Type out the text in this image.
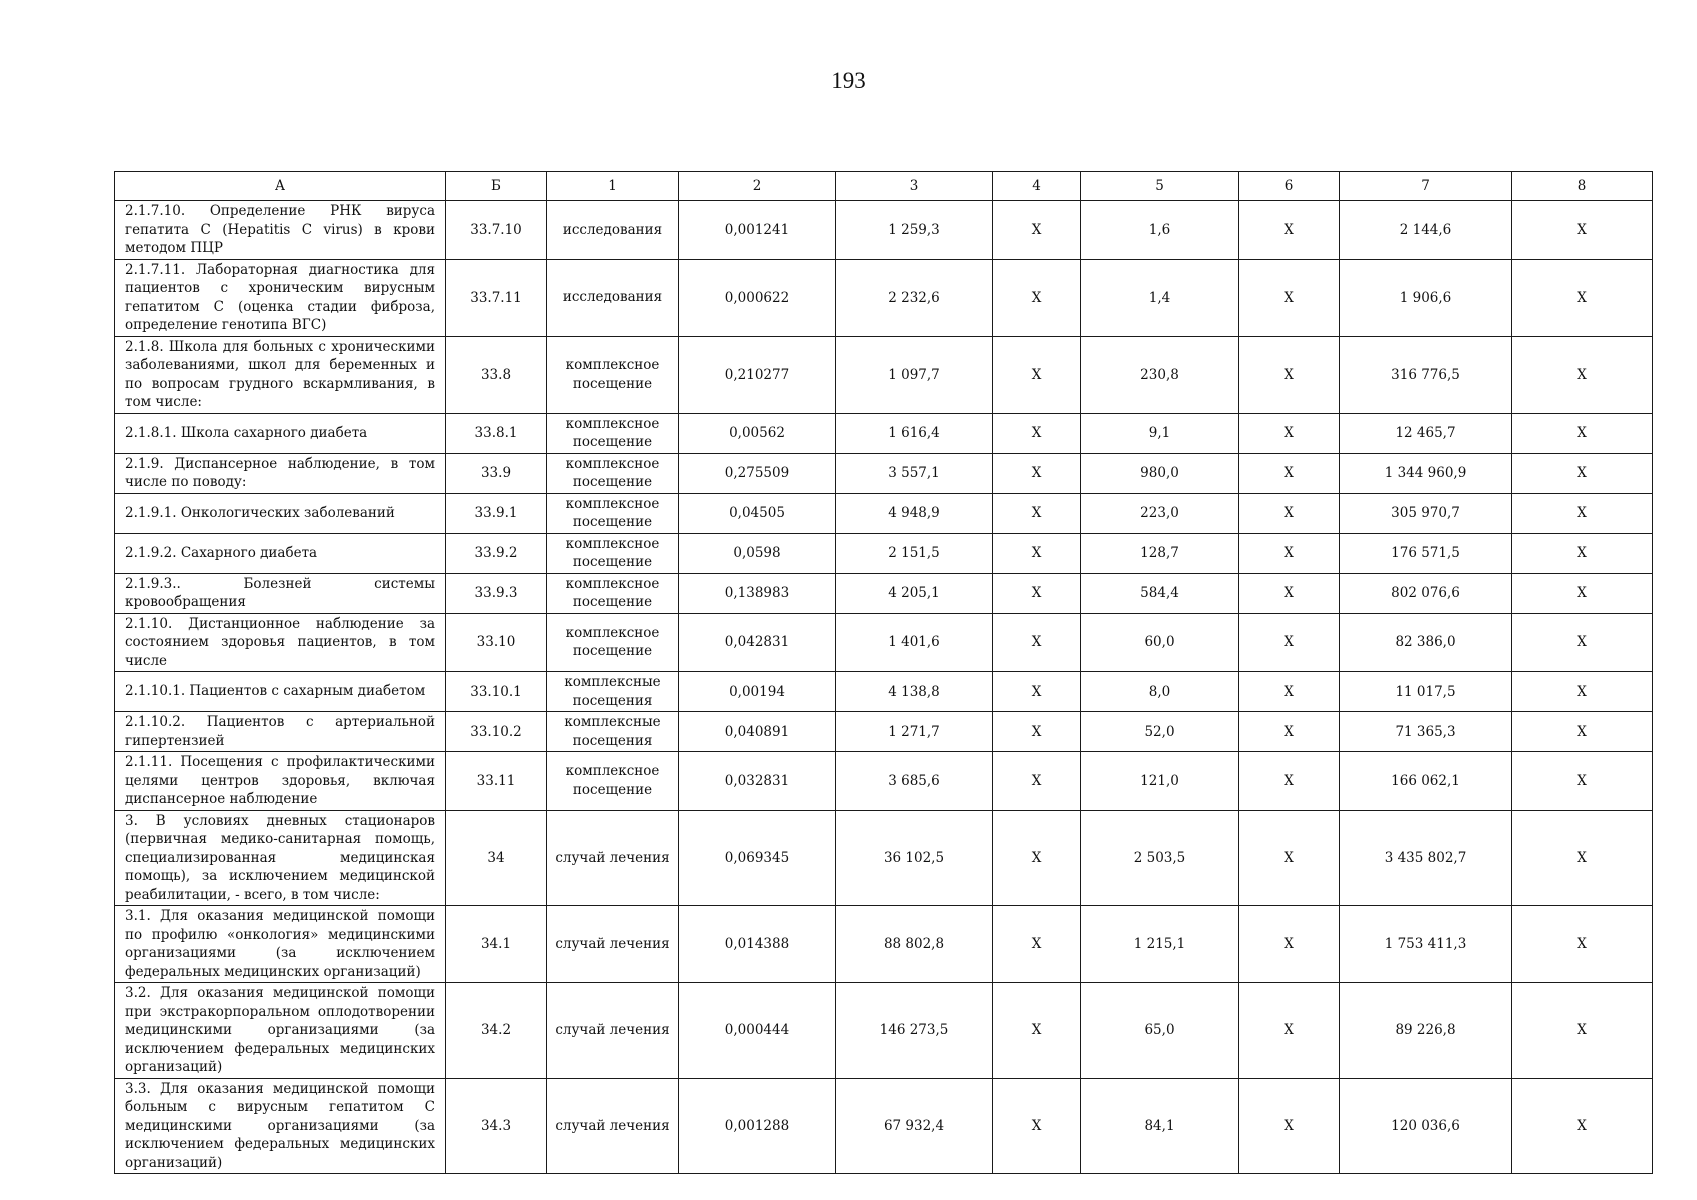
193
А	Б	1	2	3	4	5	6	7	8
2.1.7.10. Определение РНК вируса гепатита С (Hepatitis C virus) в крови методом ПЦР	33.7.10	исследования	0,001241	1 259,3	Х	1,6	Х	2 144,6	Х
2.1.7.11. Лабораторная диагностика для пациентов с хроническим вирусным гепатитом С (оценка стадии фиброза, определение генотипа ВГС)	33.7.11	исследования	0,000622	2 232,6	Х	1,4	Х	1 906,6	Х
2.1.8. Школа для больных с хроническими заболеваниями, школ для беременных и по вопросам грудного вскармливания, в том числе:	33.8	комплексное посещение	0,210277	1 097,7	Х	230,8	Х	316 776,5	Х
2.1.8.1. Школа сахарного диабета	33.8.1	комплексное посещение	0,00562	1 616,4	Х	9,1	Х	12 465,7	Х
2.1.9. Диспансерное наблюдение, в том числе по поводу:	33.9	комплексное посещение	0,275509	3 557,1	Х	980,0	Х	1 344 960,9	Х
2.1.9.1. Онкологических заболеваний	33.9.1	комплексное посещение	0,04505	4 948,9	Х	223,0	Х	305 970,7	Х
2.1.9.2. Сахарного диабета	33.9.2	комплексное посещение	0,0598	2 151,5	Х	128,7	Х	176 571,5	Х
2.1.9.3.. Болезней системы кровообращения	33.9.3	комплексное посещение	0,138983	4 205,1	Х	584,4	Х	802 076,6	Х
2.1.10. Дистанционное наблюдение за состоянием здоровья пациентов, в том числе	33.10	комплексное посещение	0,042831	1 401,6	Х	60,0	Х	82 386,0	Х
2.1.10.1. Пациентов с сахарным диабетом	33.10.1	комплексные посещения	0,00194	4 138,8	Х	8,0	Х	11 017,5	Х
2.1.10.2. Пациентов с артериальной гипертензией	33.10.2	комплексные посещения	0,040891	1 271,7	Х	52,0	Х	71 365,3	Х
2.1.11. Посещения с профилактическими целями центров здоровья, включая диспансерное наблюдение	33.11	комплексное посещение	0,032831	3 685,6	Х	121,0	Х	166 062,1	Х
3. В условиях дневных стационаров (первичная медико-санитарная помощь, специализированная медицинская помощь), за исключением медицинской реабилитации, - всего, в том числе:	34	случай лечения	0,069345	36 102,5	Х	2 503,5	Х	3 435 802,7	Х
3.1. Для оказания медицинской помощи по профилю «онкология» медицинскими организациями (за исключением федеральных медицинских организаций)	34.1	случай лечения	0,014388	88 802,8	Х	1 215,1	Х	1 753 411,3	Х
3.2. Для оказания медицинской помощи при экстракорпоральном оплодотворении медицинскими организациями (за исключением федеральных медицинских организаций)	34.2	случай лечения	0,000444	146 273,5	Х	65,0	Х	89 226,8	Х
3.3. Для оказания медицинской помощи больным с вирусным гепатитом С медицинскими организациями (за исключением федеральных медицинских организаций)	34.3	случай лечения	0,001288	67 932,4	Х	84,1	Х	120 036,6	Х
